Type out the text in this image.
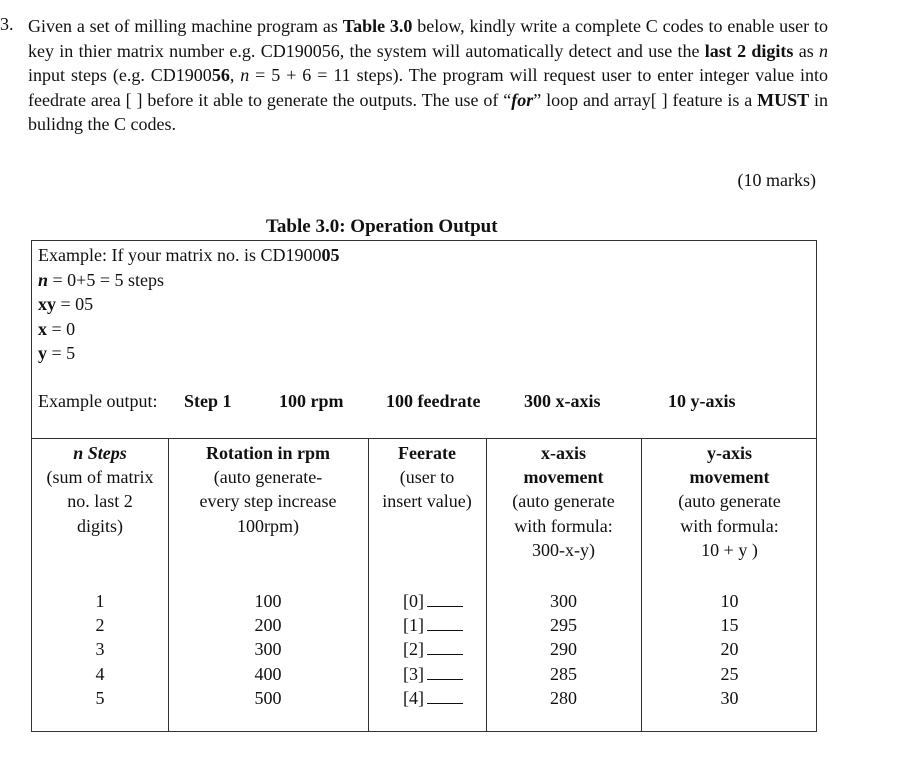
3. Given a set of milling machine program as Table 3.0 below, kindly write a complete C codes to enable user to key in thier matrix number e.g. CD190056, the system will automatically detect and use the last 2 digits as n input steps (e.g. CD190056, n = 5 + 6 = 11 steps). The program will request user to enter integer value into feedrate area [ ] before it able to generate the outputs. The use of “for” loop and array[ ] feature is a MUST in bulidng the C codes.
(10 marks)
Table 3.0: Operation Output
Example: If your matrix no. is CD190005
n = 0+5 = 5 steps
xy = 05
x = 0
y = 5
Example output: Step 1	100 rpm 100 feedrate 300 x-axis	10 y-axis
n Steps
(sum of matrix
no. last 2
digits)
Rotation in rpm
(auto generate-
every step increase
100rpm)
Feerate
(user to
insert value)
x-axis
movement
(auto generate
with formula:
300-x-y)
y-axis
movement
(auto generate
with formula:
10 + y )
1
2
3
4
5
100
200
300
400
500
[0]
[1]
[2]
[3]
[4]
300
295
290
285
280
10
15
20
25
30
